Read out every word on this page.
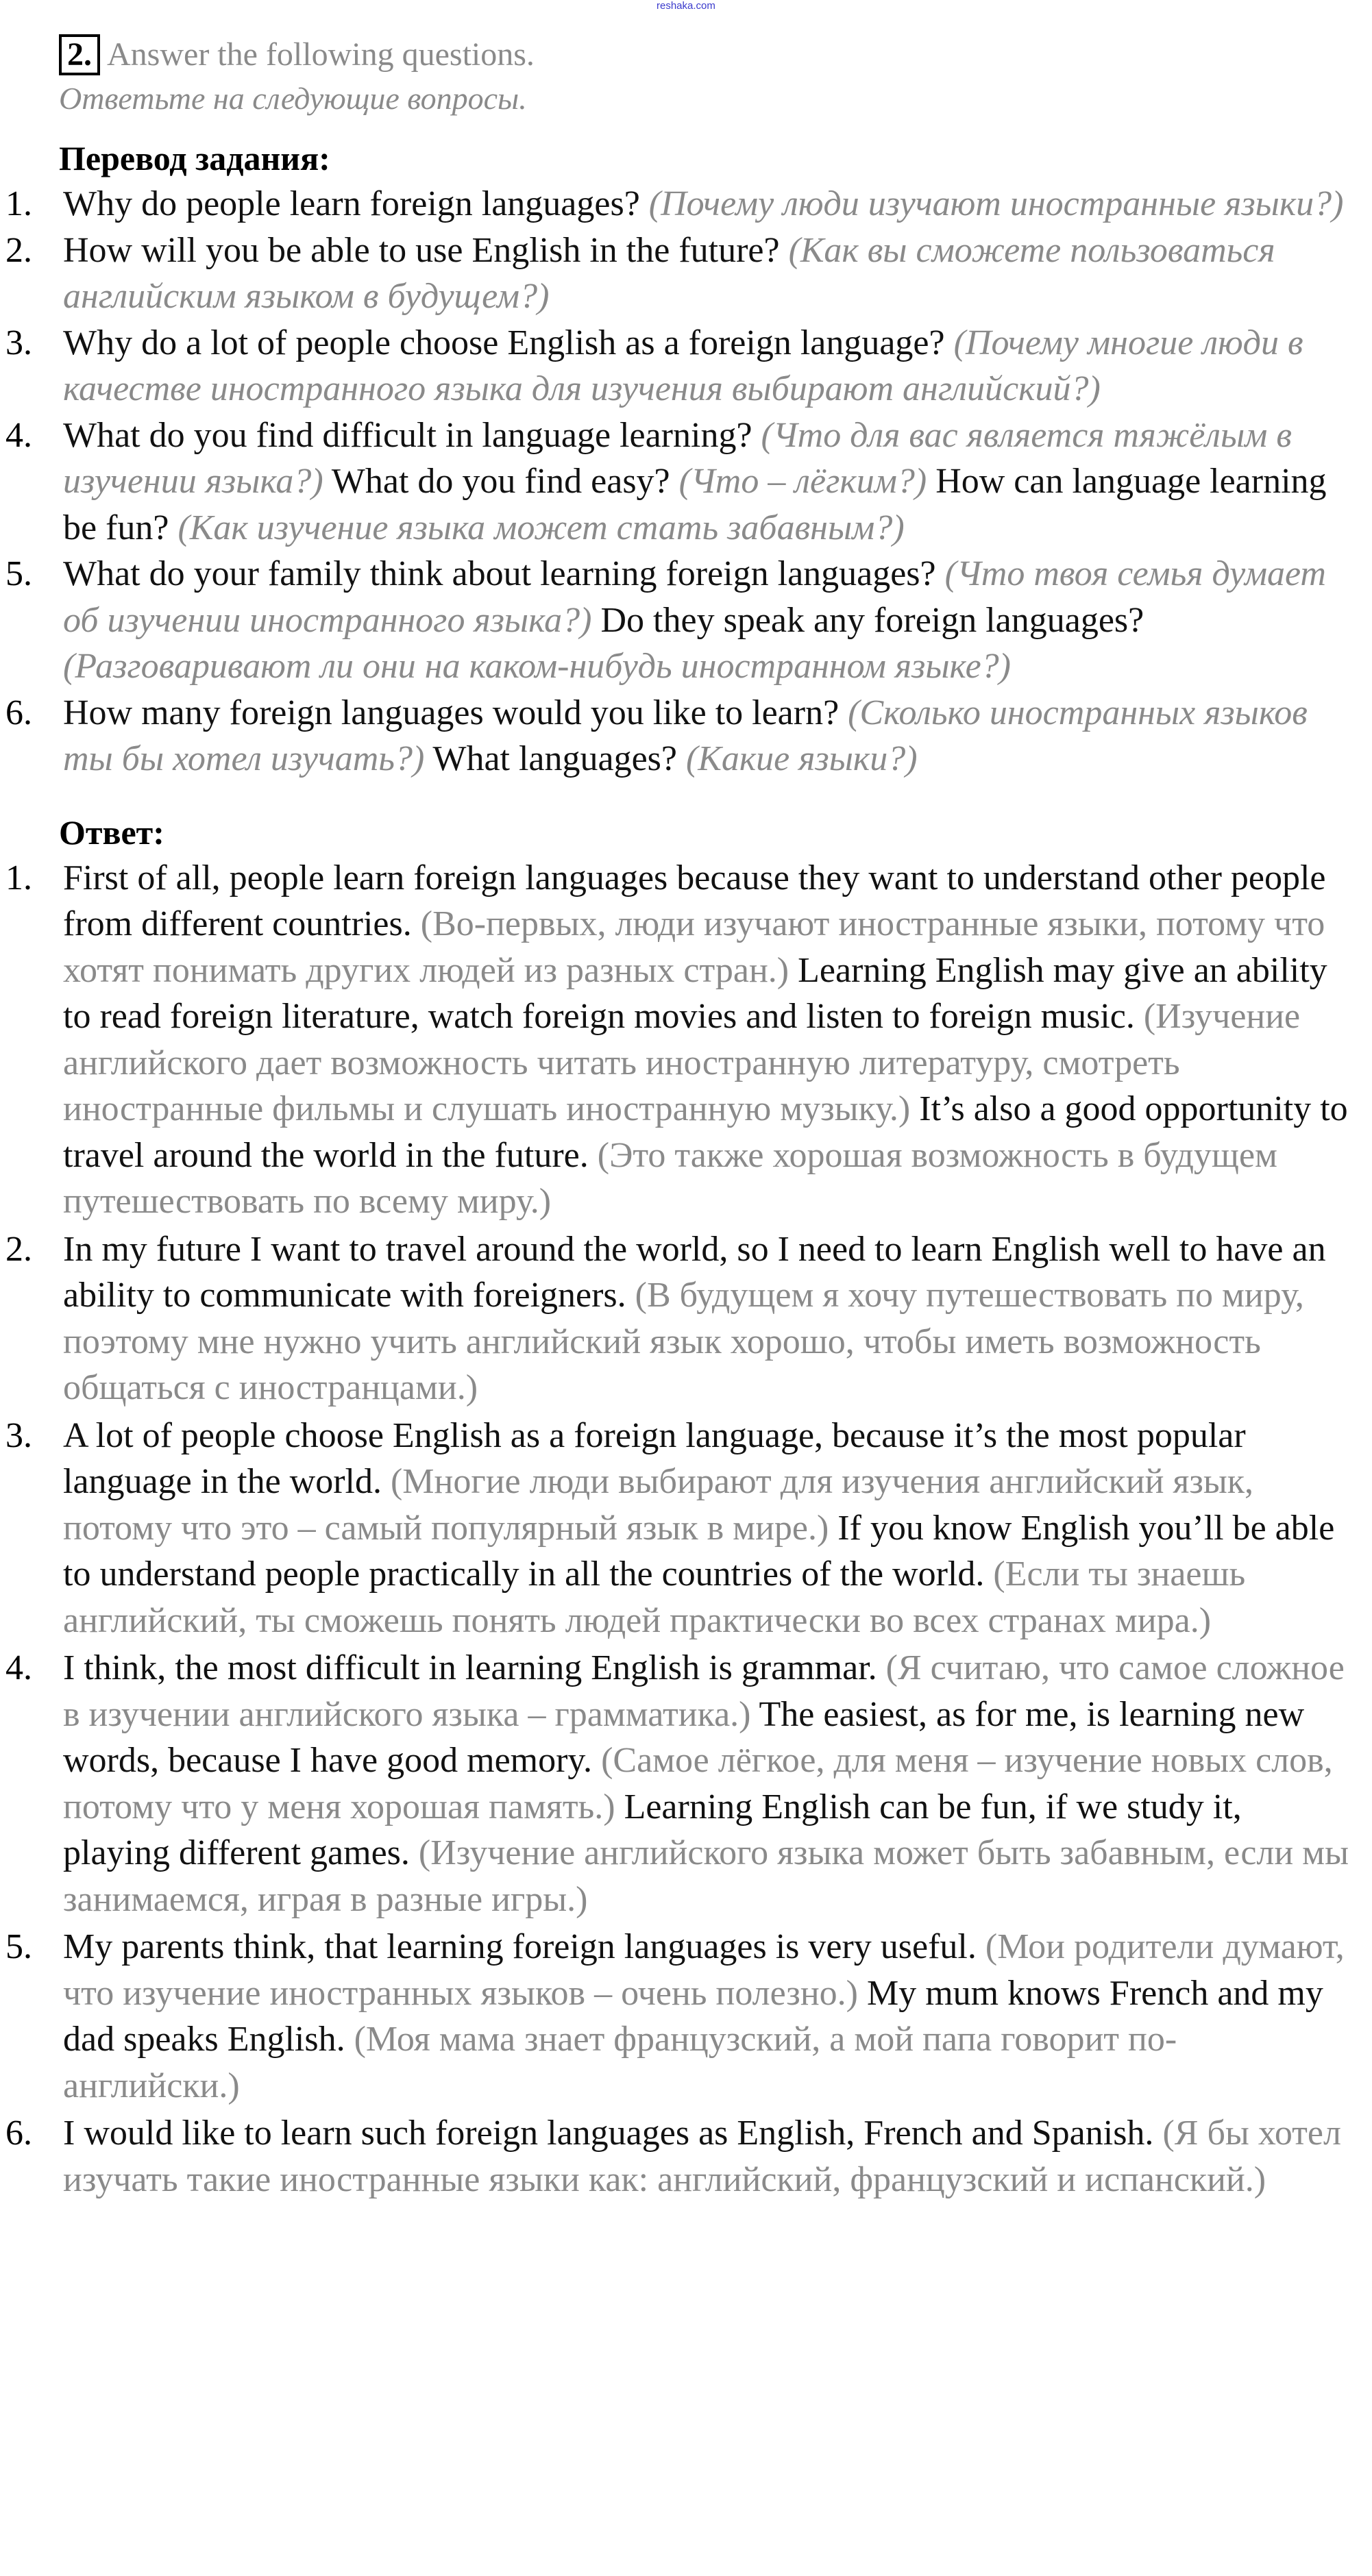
reshaka.com
2. Answer the following questions.
Ответьте на следующие вопросы.
Перевод задания:
1. Why do people learn foreign languages? (Почему люди изучают иностранные языки?)
2. How will you be able to use English in the future? (Как вы сможете пользоваться английским языком в будущем?)
3. Why do a lot of people choose English as a foreign language? (Почему многие люди в качестве иностранного языка для изучения выбирают английский?)
4. What do you find difficult in language learning? (Что для вас является тяжёлым в изучении языка?) What do you find easy? (Что – лёгким?) How can language learning be fun? (Как изучение языка может стать забавным?)
5. What do your family think about learning foreign languages? (Что твоя семья думает об изучении иностранного языка?) Do they speak any foreign languages? (Разговаривают ли они на каком-нибудь иностранном языке?)
6. How many foreign languages would you like to learn? (Сколько иностранных языков ты бы хотел изучать?) What languages? (Какие языки?)
Ответ:
1. First of all, people learn foreign languages because they want to understand other people from different countries. (Во-первых, люди изучают иностранные языки, потому что хотят понимать других людей из разных стран.) Learning English may give an ability to read foreign literature, watch foreign movies and listen to foreign music. (Изучение английского дает возможность читать иностранную литературу, смотреть иностранные фильмы и слушать иностранную музыку.) It’s also a good opportunity to travel around the world in the future. (Это также хорошая возможность в будущем путешествовать по всему миру.)
2. In my future I want to travel around the world, so I need to learn English well to have an ability to communicate with foreigners. (В будущем я хочу путешествовать по миру, поэтому мне нужно учить английский язык хорошо, чтобы иметь возможность общаться с иностранцами.)
3. A lot of people choose English as a foreign language, because it’s the most popular language in the world. (Многие люди выбирают для изучения английский язык, потому что это – самый популярный язык в мире.) If you know English you’ll be able to understand people practically in all the countries of the world. (Если ты знаешь английский, ты сможешь понять людей практически во всех странах мира.)
4. I think, the most difficult in learning English is grammar. (Я считаю, что самое сложное в изучении английского языка – грамматика.) The easiest, as for me, is learning new words, because I have good memory. (Самое лёгкое, для меня – изучение новых слов, потому что у меня хорошая память.) Learning English can be fun, if we study it, playing different games. (Изучение английского языка может быть забавным, если мы занимаемся, играя в разные игры.)
5. My parents think, that learning foreign languages is very useful. (Мои родители думают, что изучение иностранных языков – очень полезно.) My mum knows French and my dad speaks English. (Моя мама знает французский, а мой папа говорит по-английски.)
6. I would like to learn such foreign languages as English, French and Spanish. (Я бы хотел изучать такие иностранные языки как: английский, французский и испанский.)
